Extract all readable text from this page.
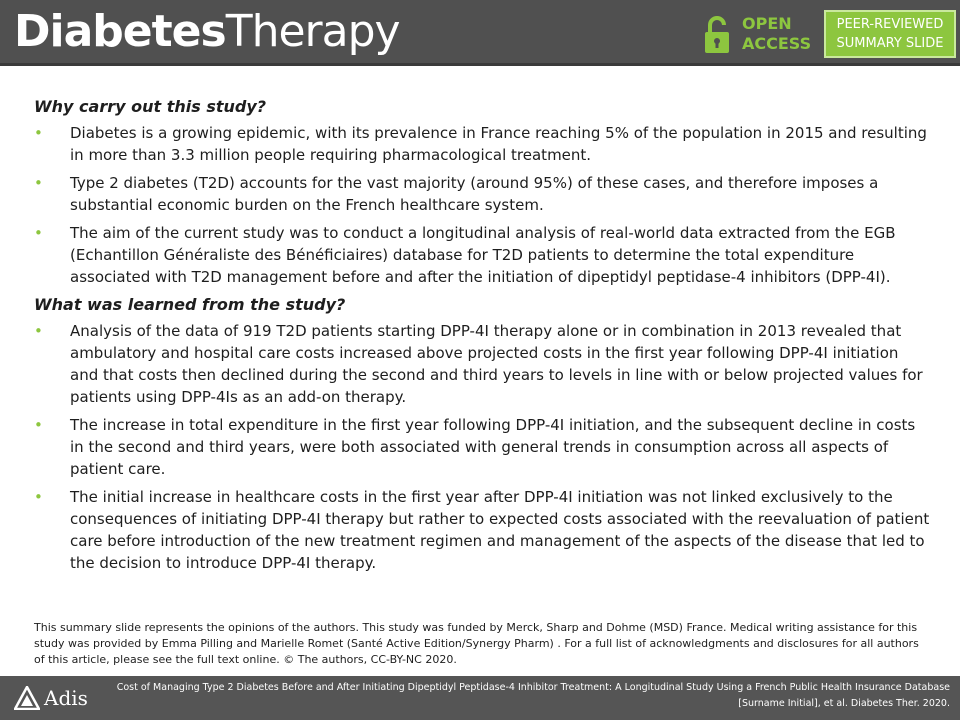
DiabetesTherapy	OPEN
ACCESS
PEER-REVIEWED
SUMMARY SLIDE
Why carry out this study?
• Diabetes is a growing epidemic, with its prevalence in France reaching 5% of the population in 2015 and resulting in more than 3.3 million people requiring pharmacological treatment.
• Type 2 diabetes (T2D) accounts for the vast majority (around 95%) of these cases, and therefore imposes a substantial economic burden on the French healthcare system.
• The aim of the current study was to conduct a longitudinal analysis of real-world data extracted from the EGB (Echantillon Généraliste des Bénéficiaires) database for T2D patients to determine the total expenditure associated with T2D management before and after the initiation of dipeptidyl peptidase-4 inhibitors (DPP-4I).
What was learned from the study?
• Analysis of the data of 919 T2D patients starting DPP-4I therapy alone or in combination in 2013 revealed that ambulatory and hospital care costs increased above projected costs in the first year following DPP-4I initiation and that costs then declined during the second and third years to levels in line with or below projected values for patients using DPP-4Is as an add-on therapy.
• The increase in total expenditure in the first year following DPP-4I initiation, and the subsequent decline in costs in the second and third years, were both associated with general trends in consumption across all aspects of patient care.
• The initial increase in healthcare costs in the first year after DPP-4I initiation was not linked exclusively to the consequences of initiating DPP-4I therapy but rather to expected costs associated with the reevaluation of patient care before introduction of the new treatment regimen and management of the aspects of the disease that led to the decision to introduce DPP-4I therapy.
This summary slide represents the opinions of the authors. This study was funded by Merck, Sharp and Dohme (MSD) France. Medical writing assistance for this study was provided by Emma Pilling and Marielle Romet (Santé Active Edition/Synergy Pharm) . For a full list of acknowledgments and disclosures for all authors of this article, please see the full text online. © The authors, CC-BY-NC 2020.
Adis	Cost of Managing Type 2 Diabetes Before and After Initiating Dipeptidyl Peptidase-4 Inhibitor Treatment: A Longitudinal Study Using a French Public Health Insurance Database
[Surname Initial], et al. Diabetes Ther. 2020.
